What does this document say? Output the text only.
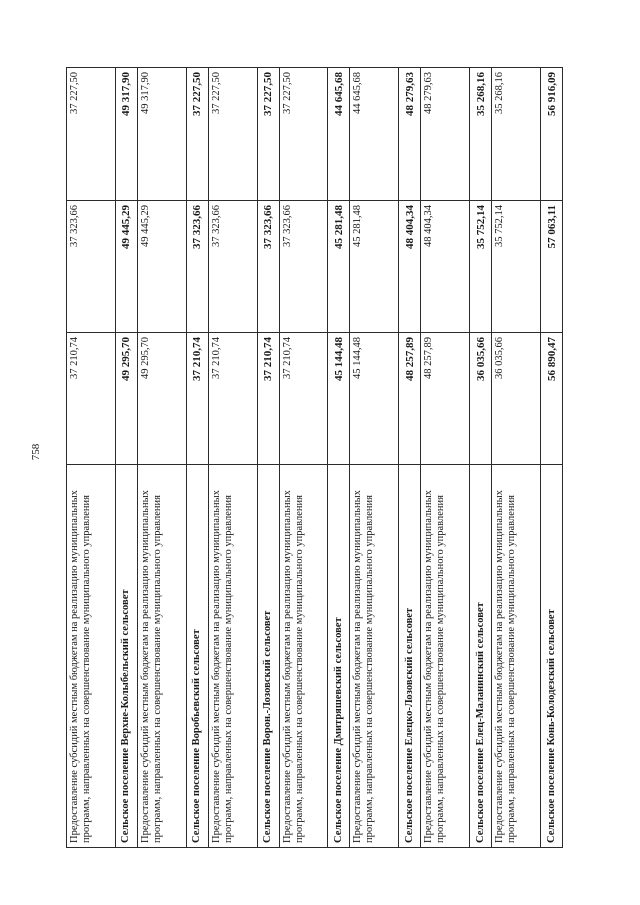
758
Предоставление субсидий местным бюджетам на реализацию муниципальных программ, направленных на совершенствование муниципального управления	37 210,74	37 323,66	37 227,50
Сельское поселение Верхне-Колыбельский сельсовет	49 295,70	49 445,29	49 317,90
Предоставление субсидий местным бюджетам на реализацию муниципальных программ, направленных на совершенствование муниципального управления	49 295,70	49 445,29	49 317,90
Сельское поселение Воробьевский сельсовет	37 210,74	37 323,66	37 227,50
Предоставление субсидий местным бюджетам на реализацию муниципальных программ, направленных на совершенствование муниципального управления	37 210,74	37 323,66	37 227,50
Сельское поселение Ворон.-Лозовский сельсовет	37 210,74	37 323,66	37 227,50
Предоставление субсидий местным бюджетам на реализацию муниципальных программ, направленных на совершенствование муниципального управления	37 210,74	37 323,66	37 227,50
Сельское поселение Дмитряшевский сельсовет	45 144,48	45 281,48	44 645,68
Предоставление субсидий местным бюджетам на реализацию муниципальных программ, направленных на совершенствование муниципального управления	45 144,48	45 281,48	44 645,68
Сельское поселение Елецко-Лозовский сельсовет	48 257,89	48 404,34	48 279,63
Предоставление субсидий местным бюджетам на реализацию муниципальных программ, направленных на совершенствование муниципального управления	48 257,89	48 404,34	48 279,63
Сельское поселение Елец-Маланинский сельсовет	36 035,66	35 752,14	35 268,16
Предоставление субсидий местным бюджетам на реализацию муниципальных программ, направленных на совершенствование муниципального управления	36 035,66	35 752,14	35 268,16
Сельское поселение Конь-Колодезский сельсовет	56 890,47	57 063,11	56 916,09
